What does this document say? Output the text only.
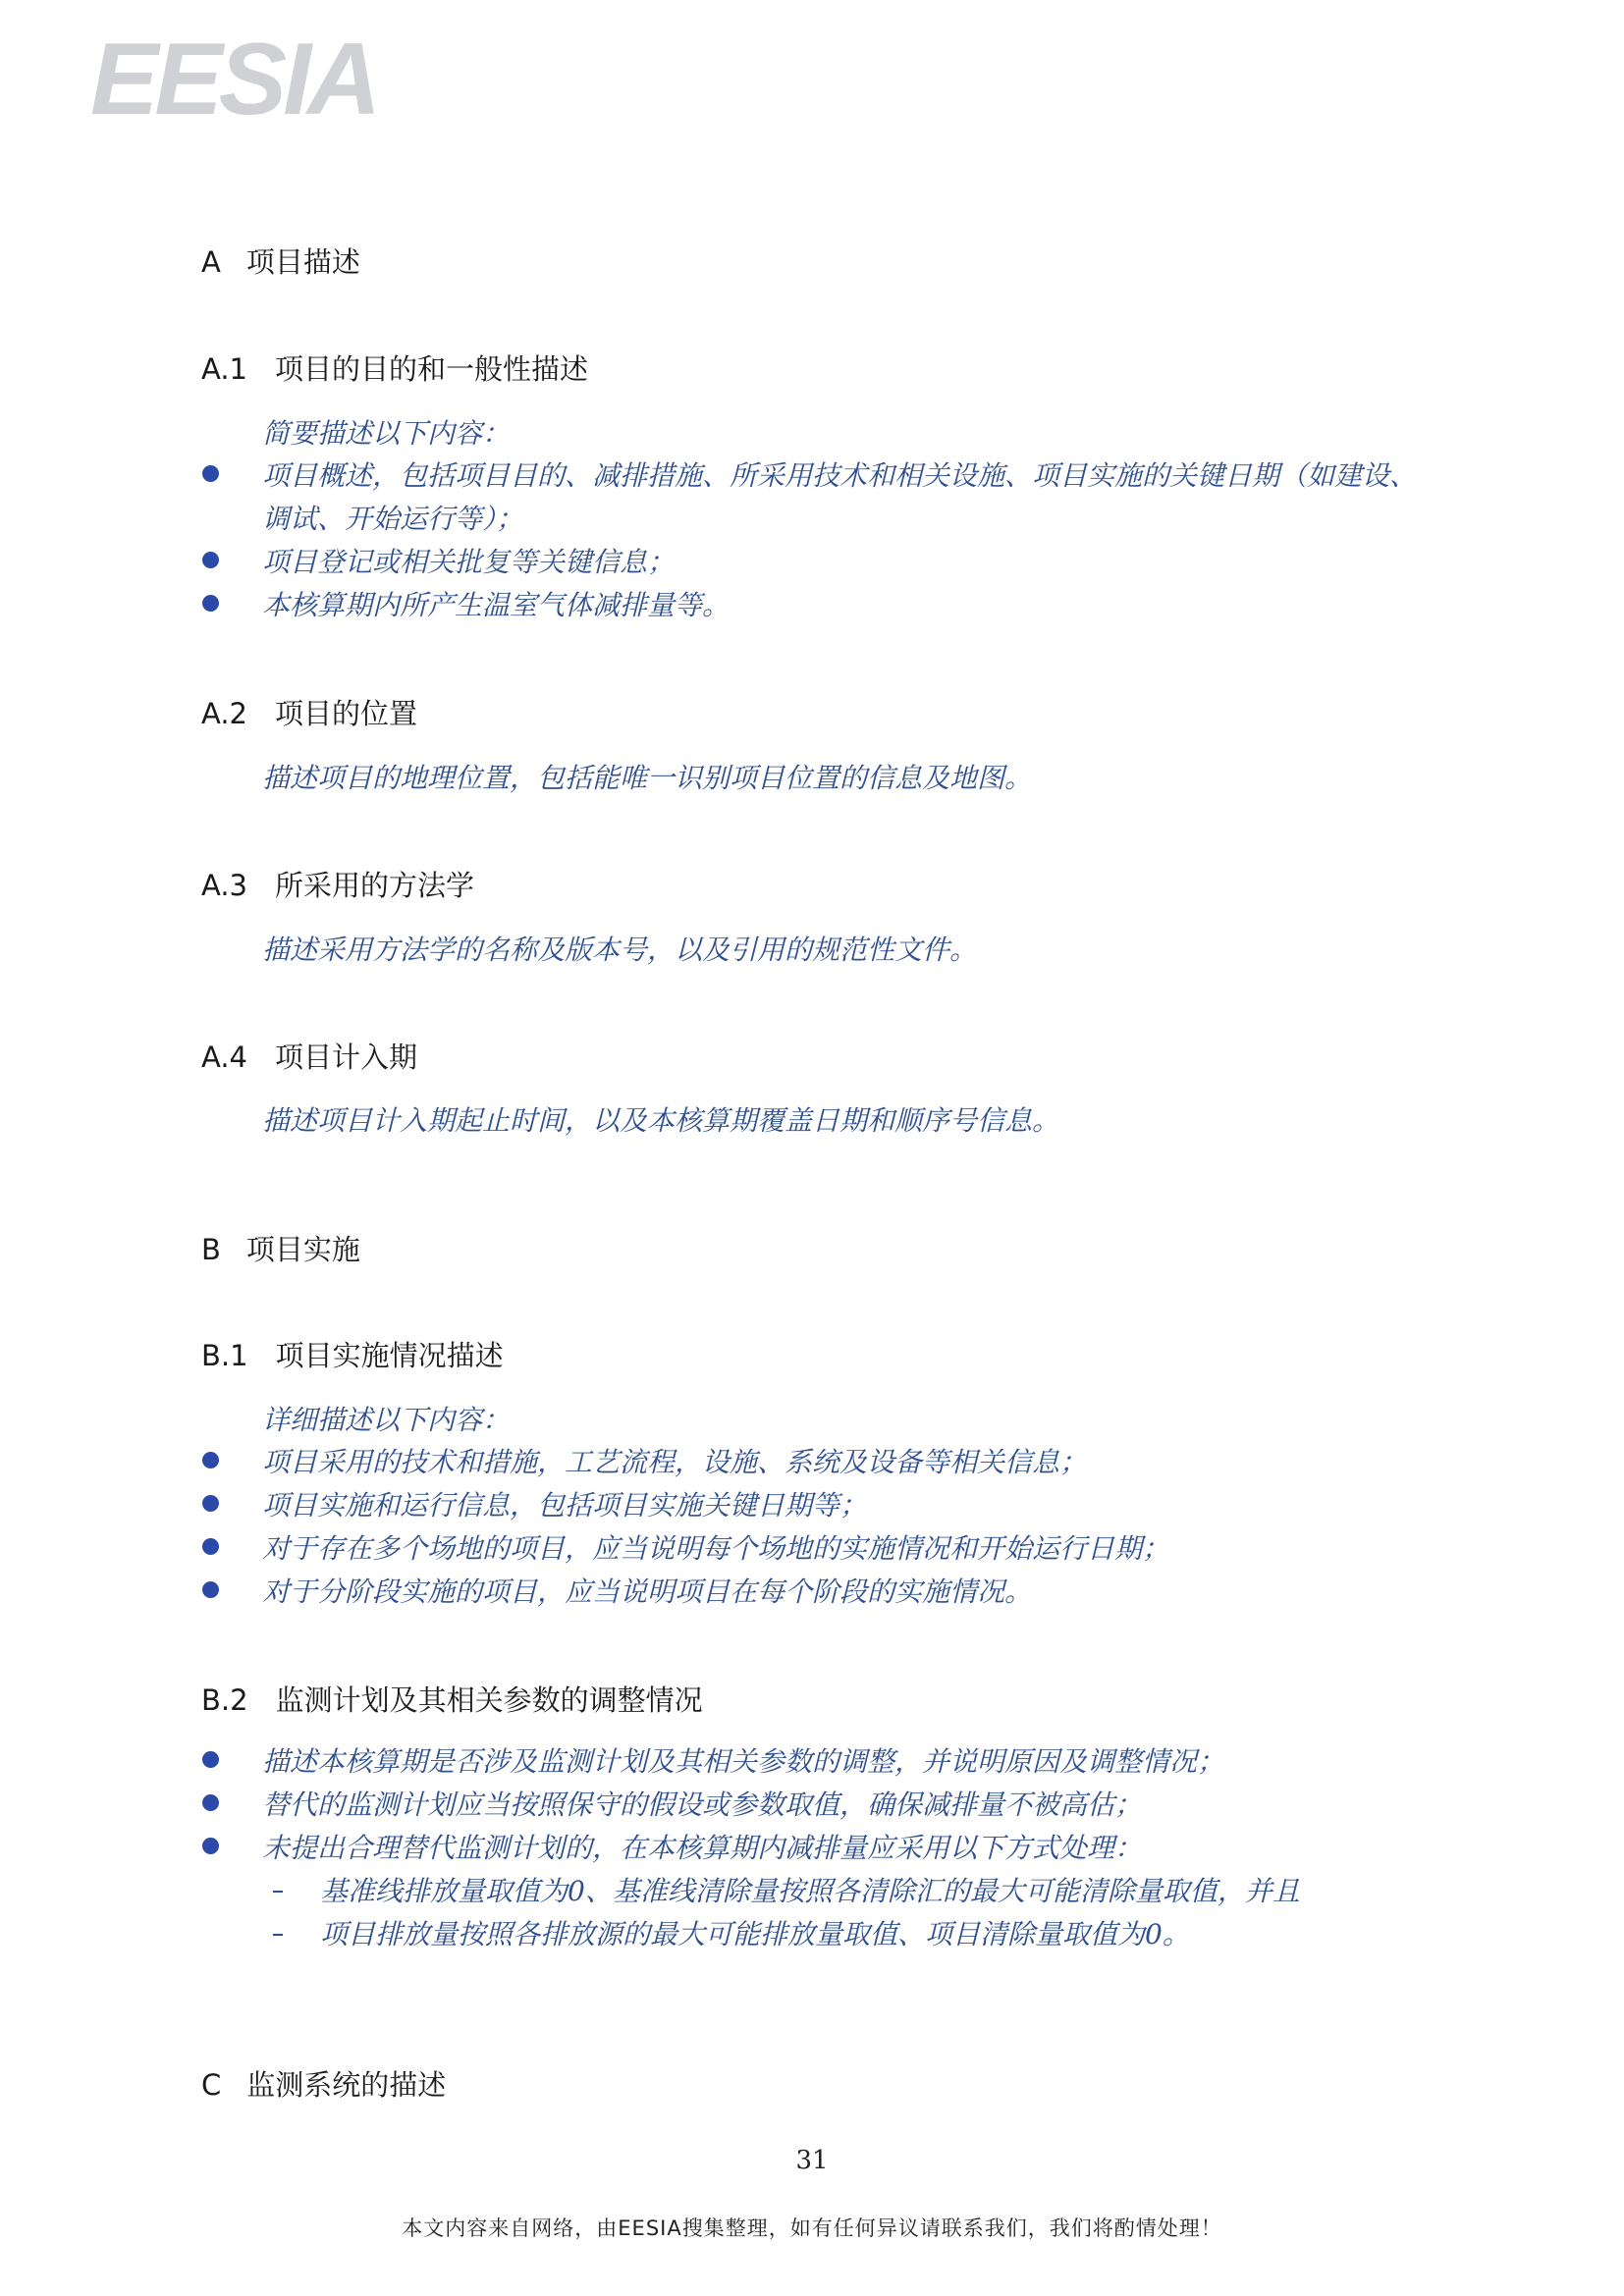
EESIA
A 项目描述
A.1 项目的目的和一般性描述
简要描述以下内容：
项目概述，包括项目目的、减排措施、所采用技术和相关设施、项目实施的关键日期（如建设、
调试、开始运行等）；
项目登记或相关批复等关键信息；
本核算期内所产生温室气体减排量等。
A.2 项目的位置
描述项目的地理位置，包括能唯一识别项目位置的信息及地图。
A.3 所采用的方法学
描述采用方法学的名称及版本号，以及引用的规范性文件。
A.4 项目计入期
描述项目计入期起止时间，以及本核算期覆盖日期和顺序号信息。
B 项目实施
B.1 项目实施情况描述
详细描述以下内容：
项目采用的技术和措施，工艺流程，设施、系统及设备等相关信息；
项目实施和运行信息，包括项目实施关键日期等；
对于存在多个场地的项目，应当说明每个场地的实施情况和开始运行日期；
对于分阶段实施的项目，应当说明项目在每个阶段的实施情况。
B.2 监测计划及其相关参数的调整情况
描述本核算期是否涉及监测计划及其相关参数的调整，并说明原因及调整情况；
替代的监测计划应当按照保守的假设或参数取值，确保减排量不被高估；
未提出合理替代监测计划的，在本核算期内减排量应采用以下方式处理：
基准线排放量取值为0、基准线清除量按照各清除汇的最大可能清除量取值，并且
项目排放量按照各排放源的最大可能排放量取值、项目清除量取值为0。
C 监测系统的描述
31
本文内容来自网络，由EESIA搜集整理，如有任何异议请联系我们，我们将酌情处理！
